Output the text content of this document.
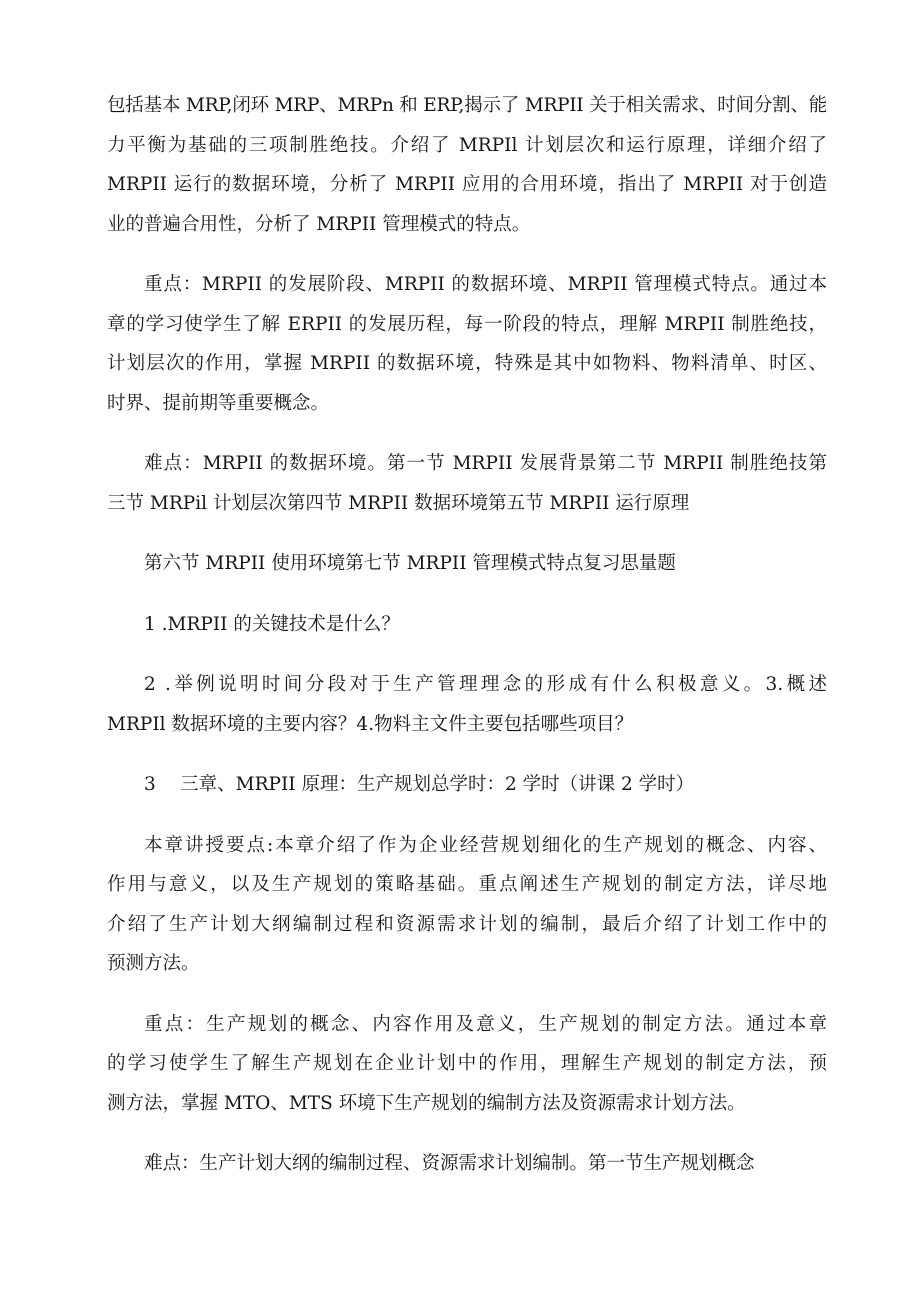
包括基本 MRP,闭环 MRP、MRPn 和 ERP,揭示了 MRPII 关于相关需求、时间分割、能
力平衡为基础的三项制胜绝技。介绍了 MRPIl 计划层次和运行原理，详细介绍了
MRPII 运行的数据环境，分析了 MRPII 应用的合用环境，指出了 MRPII 对于创造
业的普遍合用性，分析了 MRPII 管理模式的特点。
重点：MRPII 的发展阶段、MRPII 的数据环境、MRPII 管理模式特点。通过本
章的学习使学生了解 ERPII 的发展历程，每一阶段的特点，理解 MRPII 制胜绝技，
计划层次的作用，掌握 MRPII 的数据环境，特殊是其中如物料、物料清单、时区、
时界、提前期等重要概念。
难点：MRPII 的数据环境。第一节 MRPII 发展背景第二节 MRPII 制胜绝技第
三节 MRPil 计划层次第四节 MRPII 数据环境第五节 MRPII 运行原理
第六节 MRPII 使用环境第七节 MRPII 管理模式特点复习思量题
1 .MRPII 的关键技术是什么？
2 .举例说明时间分段对于生产管理理念的形成有什么积极意义。3.概述
MRPIl 数据环境的主要内容？4.物料主文件主要包括哪些项目？
3　 三章、MRPII 原理：生产规划总学时：2 学时（讲课 2 学时）
本章讲授要点:本章介绍了作为企业经营规划细化的生产规划的概念、内容、
作用与意义，以及生产规划的策略基础。重点阐述生产规划的制定方法，详尽地
介绍了生产计划大纲编制过程和资源需求计划的编制，最后介绍了计划工作中的
预测方法。
重点：生产规划的概念、内容作用及意义，生产规划的制定方法。通过本章
的学习使学生了解生产规划在企业计划中的作用，理解生产规划的制定方法，预
测方法，掌握 MTO、MTS 环境下生产规划的编制方法及资源需求计划方法。
难点：生产计划大纲的编制过程、资源需求计划编制。第一节生产规划概念
